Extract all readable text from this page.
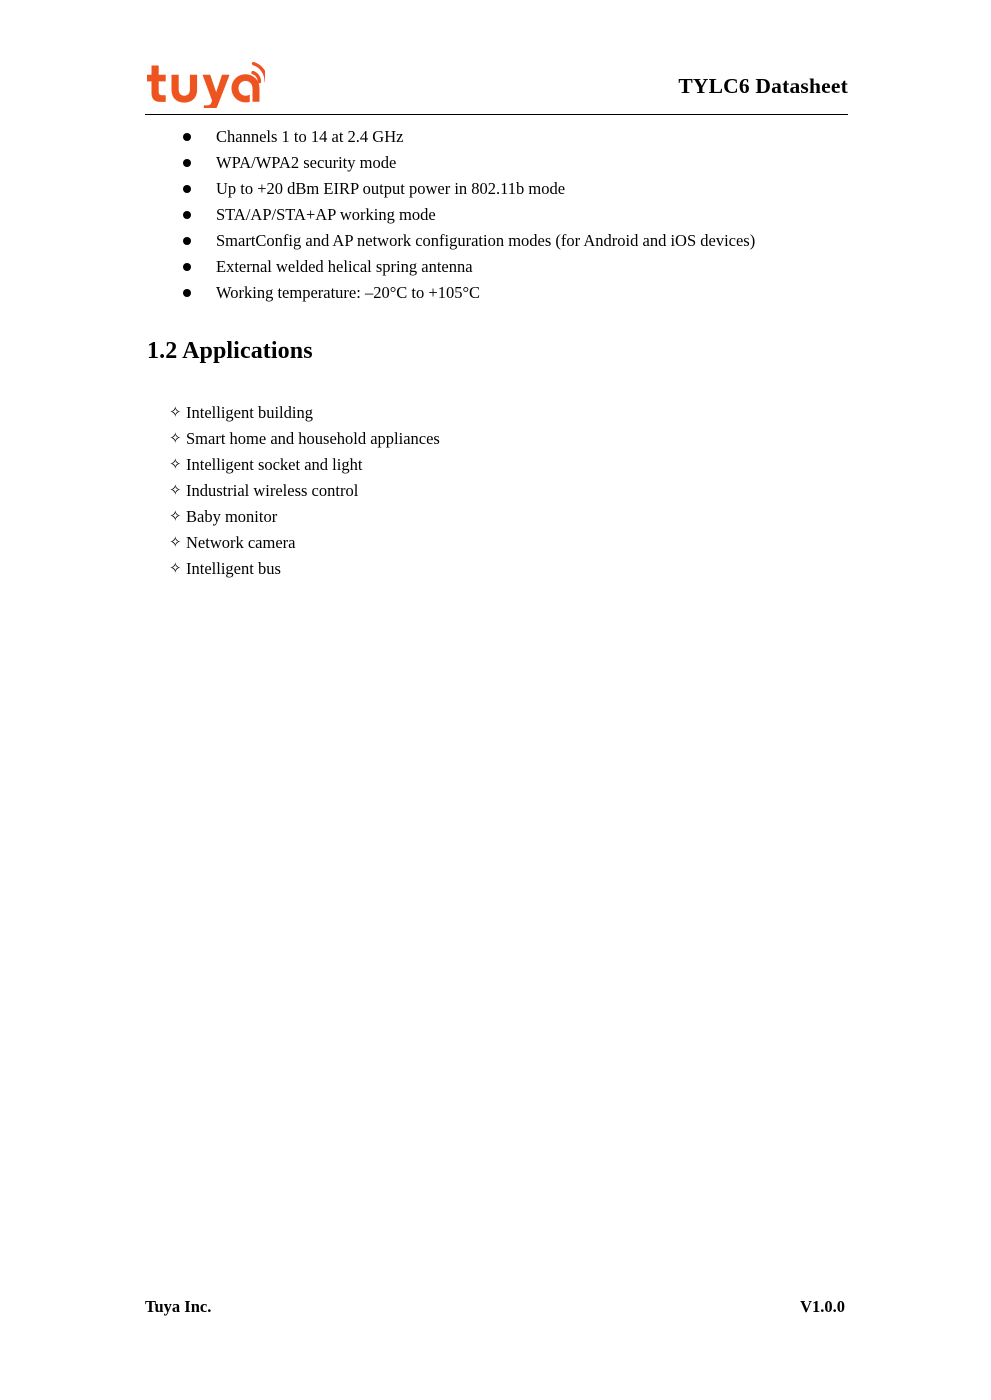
TYLC6 Datasheet
Channels 1 to 14 at 2.4 GHz
WPA/WPA2 security mode
Up to +20 dBm EIRP output power in 802.11b mode
STA/AP/STA+AP working mode
SmartConfig and AP network configuration modes (for Android and iOS devices)
External welded helical spring antenna
Working temperature: –20°C to +105°C
1.2 Applications
✧ Intelligent building
✧ Smart home and household appliances
✧ Intelligent socket and light
✧ Industrial wireless control
✧ Baby monitor
✧ Network camera
✧ Intelligent bus
Tuya Inc.	V1.0.0
